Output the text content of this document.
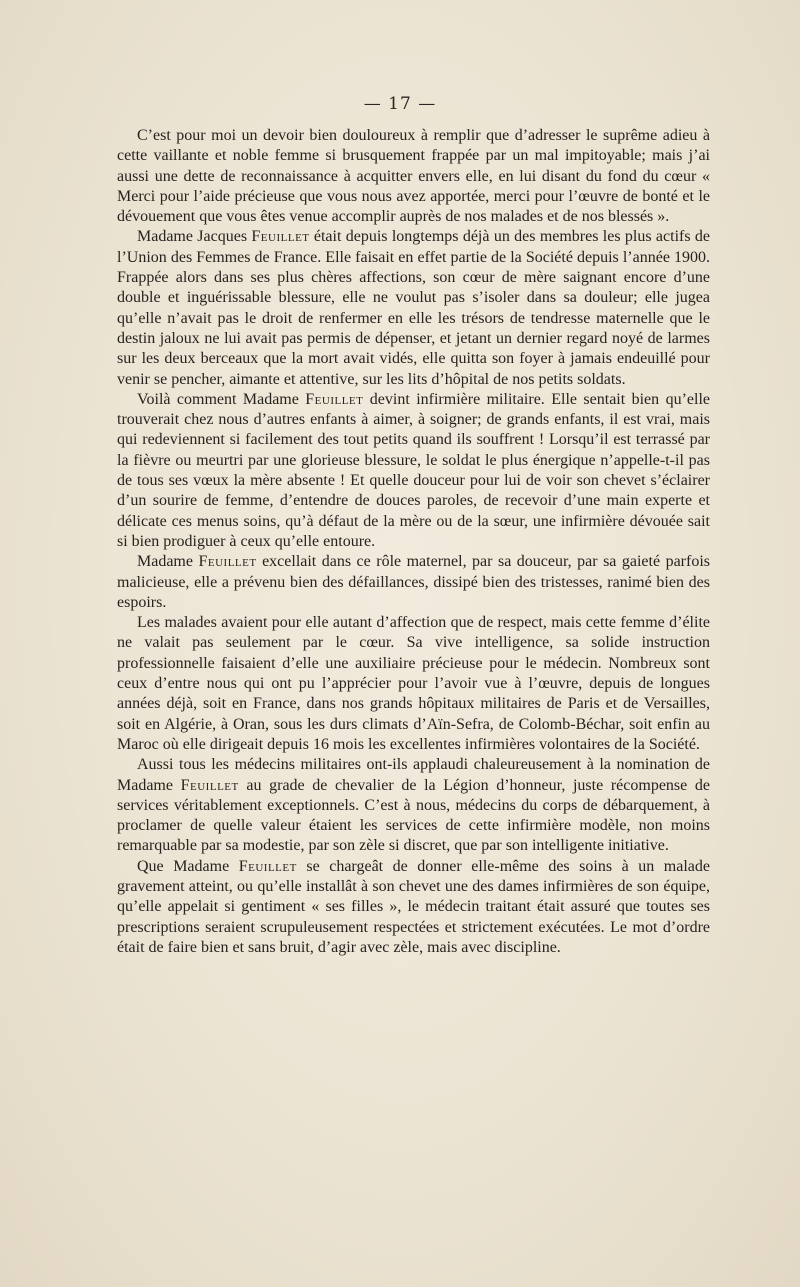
— 17 —

C’est pour moi un devoir bien douloureux à remplir que d’adresser le suprême adieu à cette vaillante et noble femme si brusquement frappée par un mal impitoyable; mais j’ai aussi une dette de reconnaissance à acquitter envers elle, en lui disant du fond du cœur « Merci pour l’aide précieuse que vous nous avez apportée, merci pour l’œuvre de bonté et le dévouement que vous êtes venue accomplir auprès de nos malades et de nos blessés ».

Madame Jacques Feuillet était depuis longtemps déjà un des membres les plus actifs de l’Union des Femmes de France. Elle faisait en effet partie de la Société depuis l’année 1900. Frappée alors dans ses plus chères affections, son cœur de mère saignant encore d’une double et inguérissable blessure, elle ne voulut pas s’isoler dans sa douleur; elle jugea qu’elle n’avait pas le droit de renfermer en elle les trésors de tendresse maternelle que le destin jaloux ne lui avait pas permis de dépenser, et jetant un dernier regard noyé de larmes sur les deux berceaux que la mort avait vidés, elle quitta son foyer à jamais endeuillé pour venir se pencher, aimante et attentive, sur les lits d’hôpital de nos petits soldats.

Voilà comment Madame Feuillet devint infirmière militaire. Elle sentait bien qu’elle trouverait chez nous d’autres enfants à aimer, à soigner; de grands enfants, il est vrai, mais qui redeviennent si facilement des tout petits quand ils souffrent ! Lorsqu’il est terrassé par la fièvre ou meurtri par une glorieuse blessure, le soldat le plus énergique n’appelle-t-il pas de tous ses vœux la mère absente ! Et quelle douceur pour lui de voir son chevet s’éclairer d’un sourire de femme, d’entendre de douces paroles, de recevoir d’une main experte et délicate ces menus soins, qu’à défaut de la mère ou de la sœur, une infirmière dévouée sait si bien prodiguer à ceux qu’elle entoure.

Madame Feuillet excellait dans ce rôle maternel, par sa douceur, par sa gaieté parfois malicieuse, elle a prévenu bien des défaillances, dissipé bien des tristesses, ranimé bien des espoirs.

Les malades avaient pour elle autant d’affection que de respect, mais cette femme d’élite ne valait pas seulement par le cœur. Sa vive intelligence, sa solide instruction professionnelle faisaient d’elle une auxiliaire précieuse pour le médecin. Nombreux sont ceux d’entre nous qui ont pu l’apprécier pour l’avoir vue à l’œuvre, depuis de longues années déjà, soit en France, dans nos grands hôpitaux militaires de Paris et de Versailles, soit en Algérie, à Oran, sous les durs climats d’Aïn-Sefra, de Colomb-Béchar, soit enfin au Maroc où elle dirigeait depuis 16 mois les excellentes infirmières volontaires de la Société.

Aussi tous les médecins militaires ont-ils applaudi chaleureusement à la nomination de Madame Feuillet au grade de chevalier de la Légion d’honneur, juste récompense de services véritablement exceptionnels. C’est à nous, médecins du corps de débarquement, à proclamer de quelle valeur étaient les services de cette infirmière modèle, non moins remarquable par sa modestie, par son zèle si discret, que par son intelligente initiative.

Que Madame Feuillet se chargeât de donner elle-même des soins à un malade gravement atteint, ou qu’elle installât à son chevet une des dames infirmières de son équipe, qu’elle appelait si gentiment « ses filles », le médecin traitant était assuré que toutes ses prescriptions seraient scrupuleusement respectées et strictement exécutées. Le mot d’ordre était de faire bien et sans bruit, d’agir avec zèle, mais avec discipline.
